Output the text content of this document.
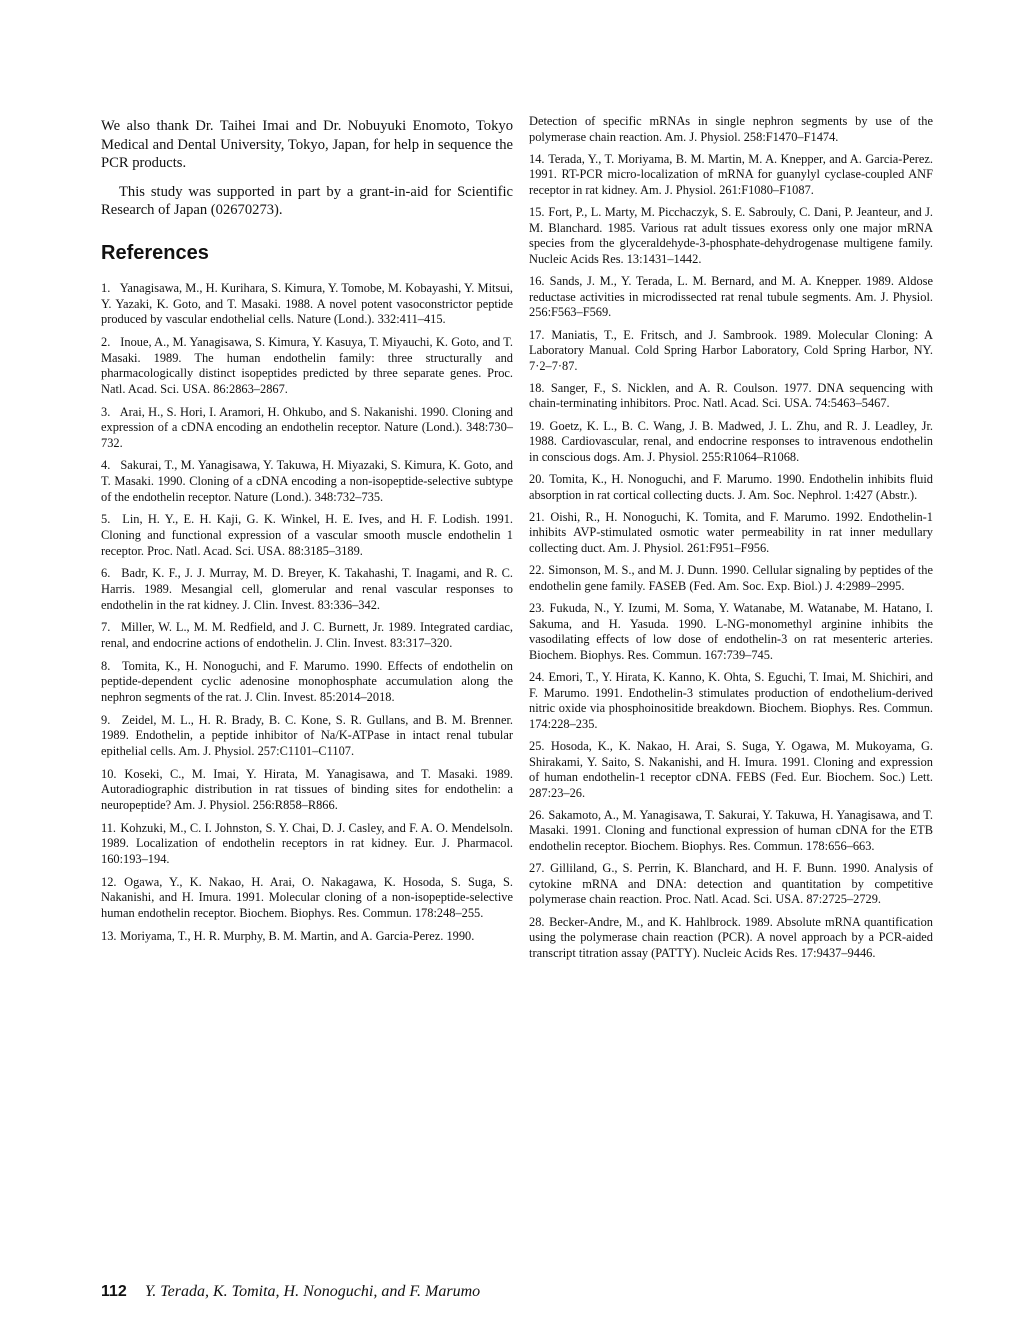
We also thank Dr. Taihei Imai and Dr. Nobuyuki Enomoto, Tokyo Medical and Dental University, Tokyo, Japan, for help in sequence the PCR products.

This study was supported in part by a grant-in-aid for Scientific Research of Japan (02670273).

References
1. Yanagisawa, M., H. Kurihara, S. Kimura, Y. Tomobe, M. Kobayashi, Y. Mitsui, Y. Yazaki, K. Goto, and T. Masaki. 1988. A novel potent vasoconstrictor peptide produced by vascular endothelial cells. Nature (Lond.). 332:411–415.
2. Inoue, A., M. Yanagisawa, S. Kimura, Y. Kasuya, T. Miyauchi, K. Goto, and T. Masaki. 1989. The human endothelin family: three structurally and pharmacologically distinct isopeptides predicted by three separate genes. Proc. Natl. Acad. Sci. USA. 86:2863–2867.
3. Arai, H., S. Hori, I. Aramori, H. Ohkubo, and S. Nakanishi. 1990. Cloning and expression of a cDNA encoding an endothelin receptor. Nature (Lond.). 348:730–732.
4. Sakurai, T., M. Yanagisawa, Y. Takuwa, H. Miyazaki, S. Kimura, K. Goto, and T. Masaki. 1990. Cloning of a cDNA encoding a non-isopeptide-selective subtype of the endothelin receptor. Nature (Lond.). 348:732–735.
5. Lin, H. Y., E. H. Kaji, G. K. Winkel, H. E. Ives, and H. F. Lodish. 1991. Cloning and functional expression of a vascular smooth muscle endothelin 1 receptor. Proc. Natl. Acad. Sci. USA. 88:3185–3189.
6. Badr, K. F., J. J. Murray, M. D. Breyer, K. Takahashi, T. Inagami, and R. C. Harris. 1989. Mesangial cell, glomerular and renal vascular responses to endothelin in the rat kidney. J. Clin. Invest. 83:336–342.
7. Miller, W. L., M. M. Redfield, and J. C. Burnett, Jr. 1989. Integrated cardiac, renal, and endocrine actions of endothelin. J. Clin. Invest. 83:317–320.
8. Tomita, K., H. Nonoguchi, and F. Marumo. 1990. Effects of endothelin on peptide-dependent cyclic adenosine monophosphate accumulation along the nephron segments of the rat. J. Clin. Invest. 85:2014–2018.
9. Zeidel, M. L., H. R. Brady, B. C. Kone, S. R. Gullans, and B. M. Brenner. 1989. Endothelin, a peptide inhibitor of Na/K-ATPase in intact renal tubular epithelial cells. Am. J. Physiol. 257:C1101–C1107.
10. Koseki, C., M. Imai, Y. Hirata, M. Yanagisawa, and T. Masaki. 1989. Autoradiographic distribution in rat tissues of binding sites for endothelin: a neuropeptide? Am. J. Physiol. 256:R858–R866.
11. Kohzuki, M., C. I. Johnston, S. Y. Chai, D. J. Casley, and F. A. O. Mendelsoln. 1989. Localization of endothelin receptors in rat kidney. Eur. J. Pharmacol. 160:193–194.
12. Ogawa, Y., K. Nakao, H. Arai, O. Nakagawa, K. Hosoda, S. Suga, S. Nakanishi, and H. Imura. 1991. Molecular cloning of a non-isopeptide-selective human endothelin receptor. Biochem. Biophys. Res. Commun. 178:248–255.
13. Moriyama, T., H. R. Murphy, B. M. Martin, and A. Garcia-Perez. 1990.
Detection of specific mRNAs in single nephron segments by use of the polymerase chain reaction. Am. J. Physiol. 258:F1470–F1474.
14. Terada, Y., T. Moriyama, B. M. Martin, M. A. Knepper, and A. Garcia-Perez. 1991. RT-PCR micro-localization of mRNA for guanylyl cyclase-coupled ANF receptor in rat kidney. Am. J. Physiol. 261:F1080–F1087.
15. Fort, P., L. Marty, M. Picchaczyk, S. E. Sabrouly, C. Dani, P. Jeanteur, and J. M. Blanchard. 1985. Various rat adult tissues exoress only one major mRNA species from the glyceraldehyde-3-phosphate-dehydrogenase multigene family. Nucleic Acids Res. 13:1431–1442.
16. Sands, J. M., Y. Terada, L. M. Bernard, and M. A. Knepper. 1989. Aldose reductase activities in microdissected rat renal tubule segments. Am. J. Physiol. 256:F563–F569.
17. Maniatis, T., E. Fritsch, and J. Sambrook. 1989. Molecular Cloning: A Laboratory Manual. Cold Spring Harbor Laboratory, Cold Spring Harbor, NY. 7·2–7·87.
18. Sanger, F., S. Nicklen, and A. R. Coulson. 1977. DNA sequencing with chain-terminating inhibitors. Proc. Natl. Acad. Sci. USA. 74:5463–5467.
19. Goetz, K. L., B. C. Wang, J. B. Madwed, J. L. Zhu, and R. J. Leadley, Jr. 1988. Cardiovascular, renal, and endocrine responses to intravenous endothelin in conscious dogs. Am. J. Physiol. 255:R1064–R1068.
20. Tomita, K., H. Nonoguchi, and F. Marumo. 1990. Endothelin inhibits fluid absorption in rat cortical collecting ducts. J. Am. Soc. Nephrol. 1:427 (Abstr.).
21. Oishi, R., H. Nonoguchi, K. Tomita, and F. Marumo. 1992. Endothelin-1 inhibits AVP-stimulated osmotic water permeability in rat inner medullary collecting duct. Am. J. Physiol. 261:F951–F956.
22. Simonson, M. S., and M. J. Dunn. 1990. Cellular signaling by peptides of the endothelin gene family. FASEB (Fed. Am. Soc. Exp. Biol.) J. 4:2989–2995.
23. Fukuda, N., Y. Izumi, M. Soma, Y. Watanabe, M. Watanabe, M. Hatano, I. Sakuma, and H. Yasuda. 1990. L-NG-monomethyl arginine inhibits the vasodilating effects of low dose of endothelin-3 on rat mesenteric arteries. Biochem. Biophys. Res. Commun. 167:739–745.
24. Emori, T., Y. Hirata, K. Kanno, K. Ohta, S. Eguchi, T. Imai, M. Shichiri, and F. Marumo. 1991. Endothelin-3 stimulates production of endothelium-derived nitric oxide via phosphoinositide breakdown. Biochem. Biophys. Res. Commun. 174:228–235.
25. Hosoda, K., K. Nakao, H. Arai, S. Suga, Y. Ogawa, M. Mukoyama, G. Shirakami, Y. Saito, S. Nakanishi, and H. Imura. 1991. Cloning and expression of human endothelin-1 receptor cDNA. FEBS (Fed. Eur. Biochem. Soc.) Lett. 287:23–26.
26. Sakamoto, A., M. Yanagisawa, T. Sakurai, Y. Takuwa, H. Yanagisawa, and T. Masaki. 1991. Cloning and functional expression of human cDNA for the ETB endothelin receptor. Biochem. Biophys. Res. Commun. 178:656–663.
27. Gilliland, G., S. Perrin, K. Blanchard, and H. F. Bunn. 1990. Analysis of cytokine mRNA and DNA: detection and quantitation by competitive polymerase chain reaction. Proc. Natl. Acad. Sci. USA. 87:2725–2729.
28. Becker-Andre, M., and K. Hahlbrock. 1989. Absolute mRNA quantification using the polymerase chain reaction (PCR). A novel approach by a PCR-aided transcript titration assay (PATTY). Nucleic Acids Res. 17:9437–9446.
112 Y. Terada, K. Tomita, H. Nonoguchi, and F. Marumo
